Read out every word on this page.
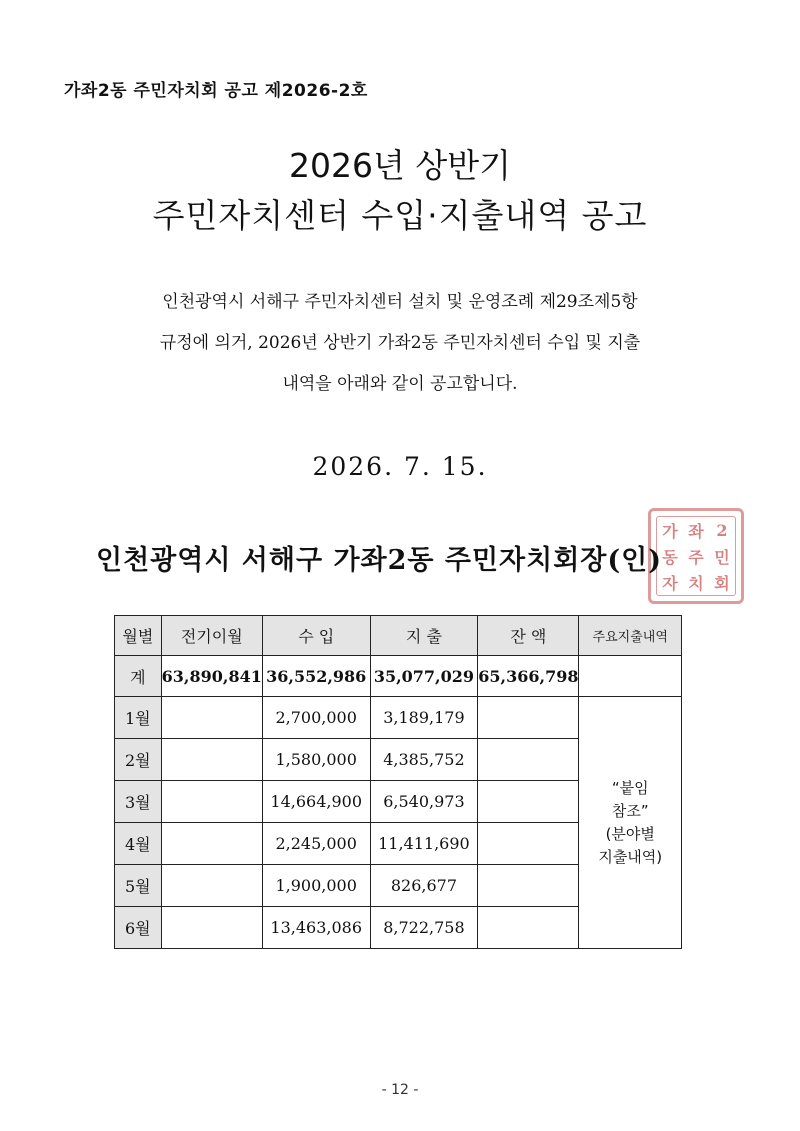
가좌2동 주민자치회 공고 제2026-2호
2026년 상반기
주민자치센터 수입·지출내역 공고
인천광역시 서해구 주민자치센터 설치 및 운영조례 제29조제5항
규정에 의거, 2026년 상반기 가좌2동 주민자치센터 수입 및 지출
내역을 아래와 같이 공고합니다.
2026. 7. 15.
가 좌 2
동 주 민
자 치 회
인천광역시 서해구 가좌2동 주민자치회장(인)
월별	전기이월	수 입	지 출	잔 액	주요지출내역
계	63,890,841	36,552,986	35,077,029	65,366,798	
1월		2,700,000	3,189,179		“붙임
참조”
(분야별
지출내역)

2월		1,580,000	4,385,752		
3월		14,664,900	6,540,973		
4월		2,245,000	11,411,690		
5월		1,900,000	826,677		
6월		13,463,086	8,722,758		
- 12 -
